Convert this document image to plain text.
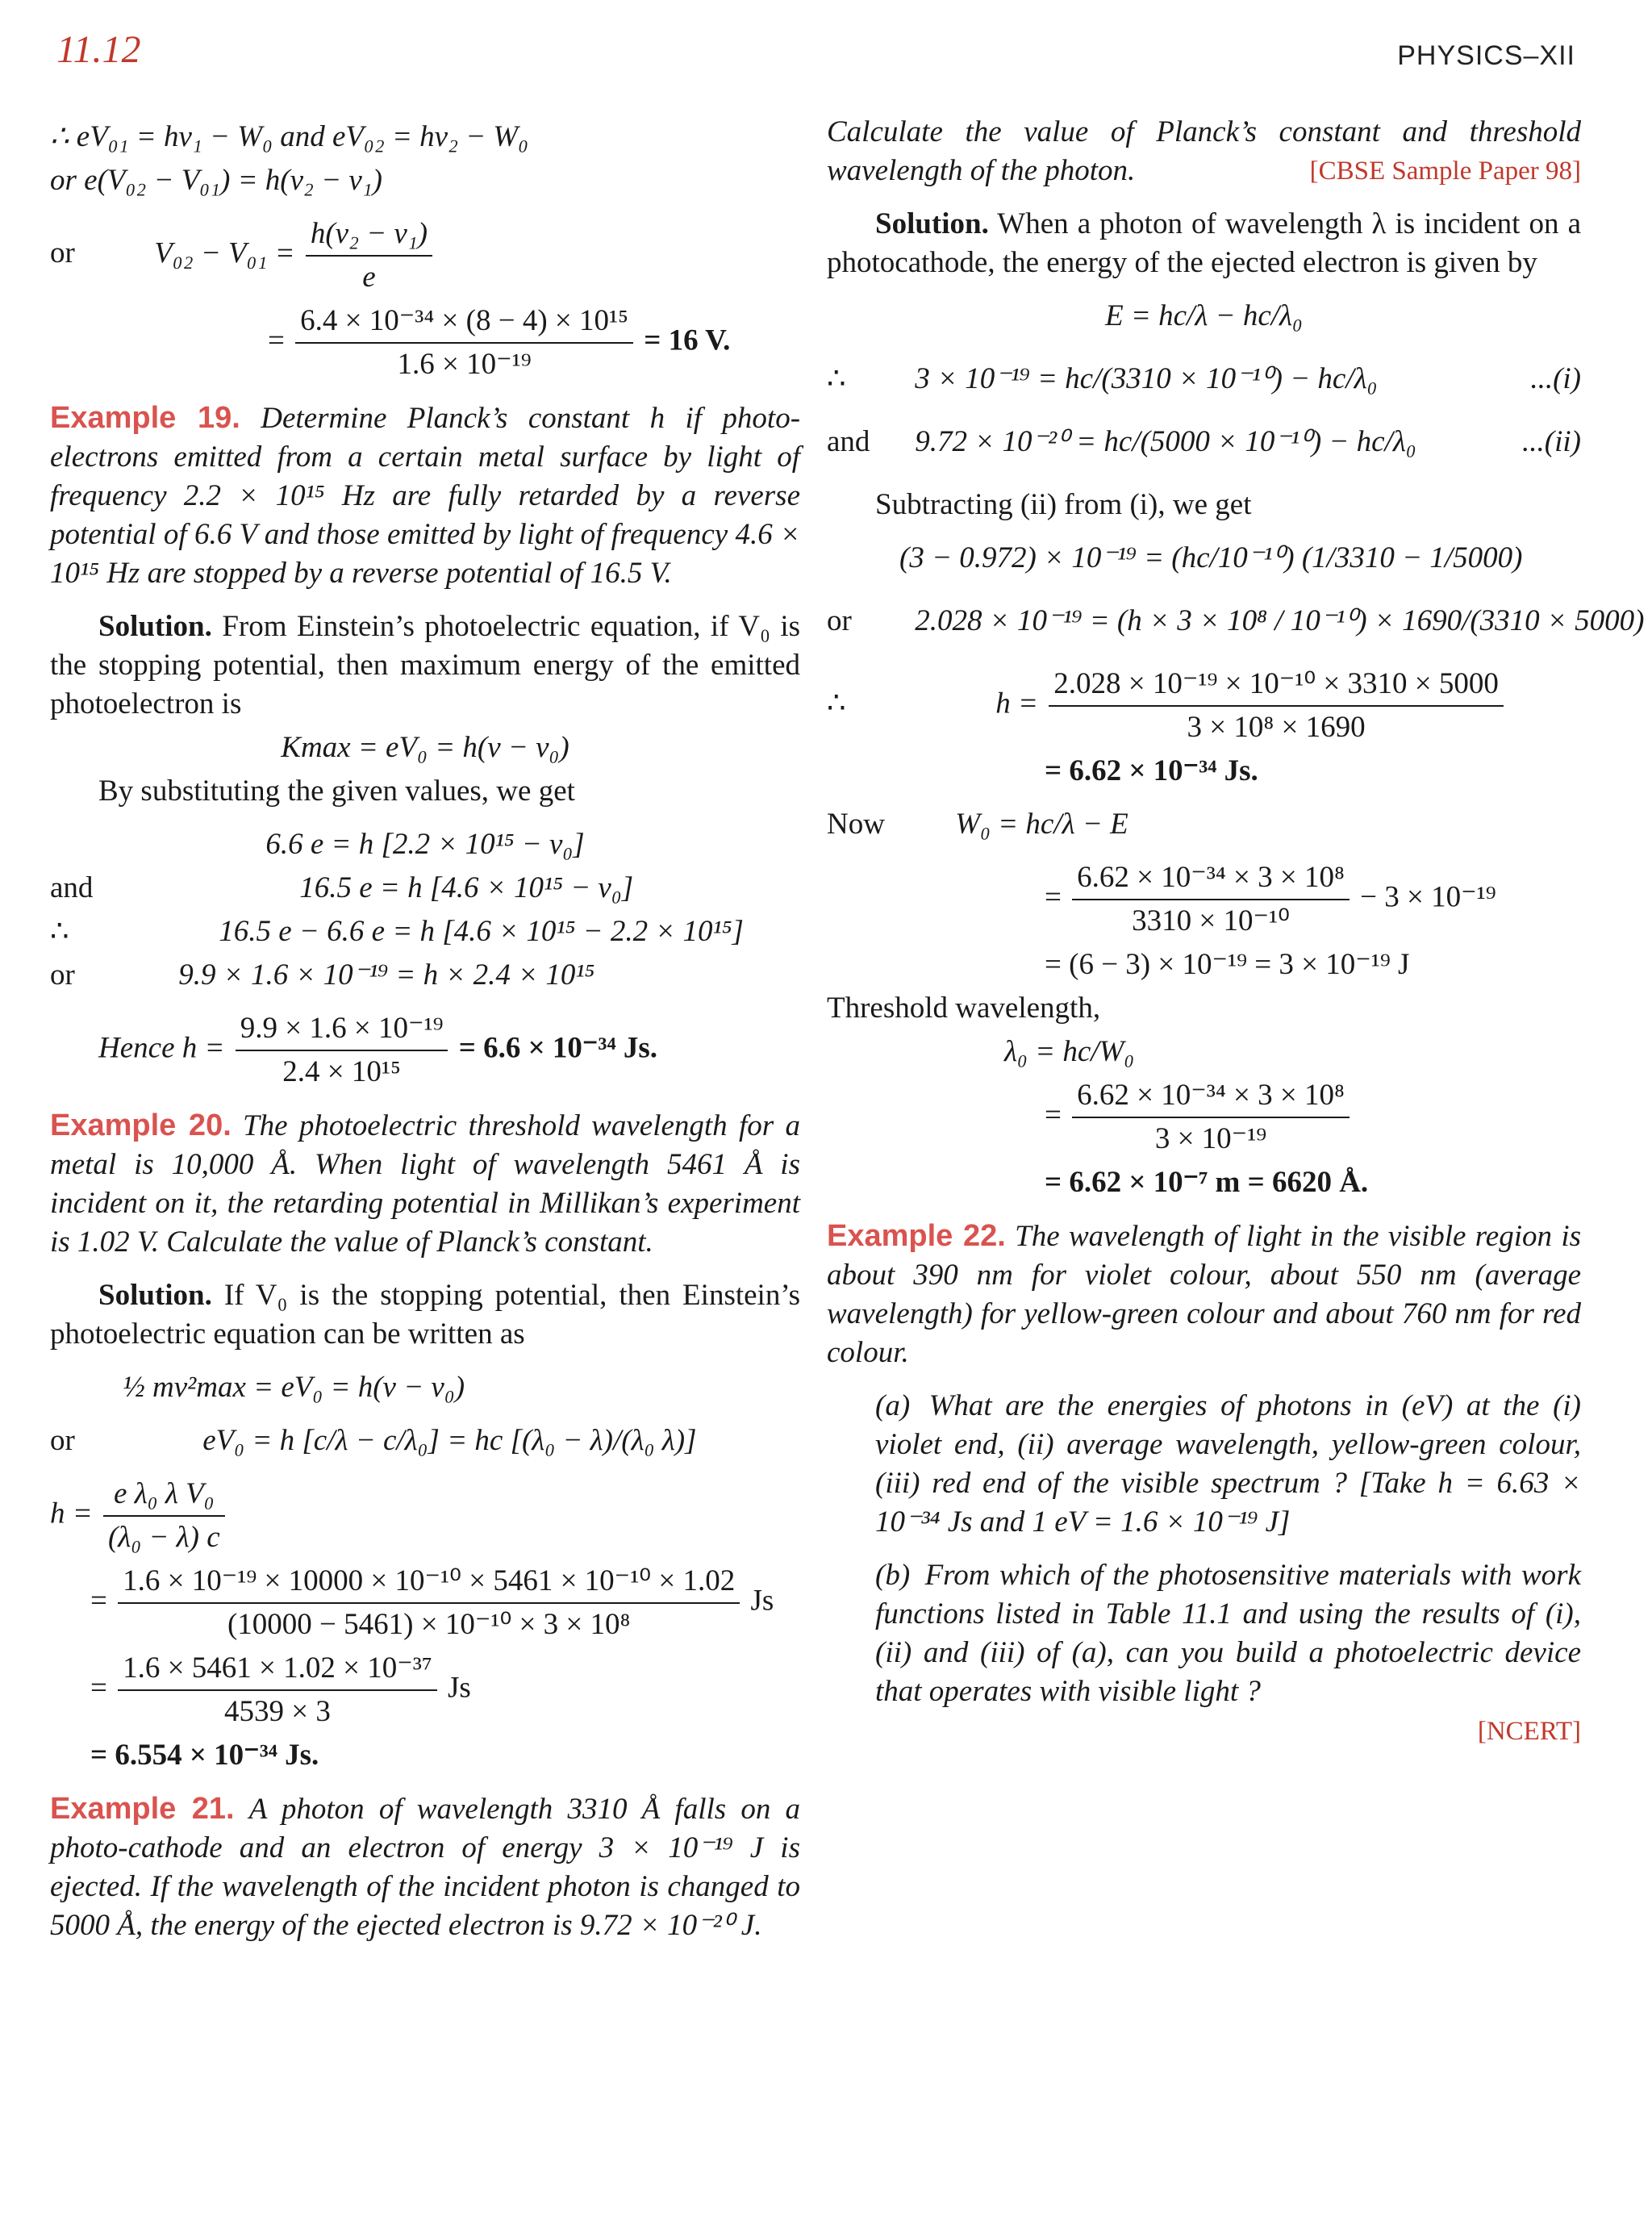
11.12	PHYSICS–XII
∴ eV₀₁ = hν₁ − W₀ and eV₀₂ = hν₂ − W₀
or e(V₀₂ − V₀₁) = h(ν₂ − ν₁)
or	$V_{02} - V_{01} = \frac{\text{h(ν₂ − ν₁)}}{e}$
= $\frac{\text{6.4 × 10⁻³⁴ × (8 − 4) × 10¹⁵}}{\text{1.6 × 10⁻¹⁹}} = 16$ V.
Example 19. Determine Planck’s constant h if photo-electrons emitted from a certain metal surface by light of frequency 2.2 × 10¹⁵ Hz are fully retarded by a reverse potential of 6.6 V and those emitted by light of frequency 4.6 × 10¹⁵ Hz are stopped by a reverse potential of 16.5 V.
Solution. From Einstein’s photoelectric equation, if V₀ is the stopping potential, then maximum energy of the emitted photoelectron is
Kmax = eV₀ = h(ν − ν₀)
By substituting the given values, we get
6.6 e = h [2.2 × 10¹⁵ − ν₀]
and	16.5 e = h [4.6 × 10¹⁵ − ν₀]
∴	16.5 e − 6.6 e = h [4.6 × 10¹⁵ − 2.2 × 10¹⁵]
or	9.9 × 1.6 × 10⁻¹⁹ = h × 2.4 × 10¹⁵
Hence $h = \frac{\text{9.9 × 1.6 × 10⁻¹⁹}}{\text{2.4 × 10¹⁵}} = 6.6 \times 10^{-34}$ Js.
Example 20. The photoelectric threshold wavelength for a metal is 10,000 Å. When light of wavelength 5461 Å is incident on it, the retarding potential in Millikan’s experiment is 1.02 V. Calculate the value of Planck’s constant.
Solution. If V₀ is the stopping potential, then Einstein’s photoelectric equation can be written as
½ mv²max = eV₀ = h(ν − ν₀)
or	eV₀ = h [c/λ − c/λ₀] = hc [(λ₀ − λ)/(λ₀ λ)]
$h = \frac{\text{e λ₀ λ V₀}}{\text{(λ₀ − λ) c}}$
= $\frac{\text{1.6 × 10⁻¹⁹ × 10000 × 10⁻¹⁰ × 5461 × 10⁻¹⁰ × 1.02}}{\text{(10000 − 5461) × 10⁻¹⁰ × 3 × 10⁸}}$ Js
= $\frac{\text{1.6 × 5461 × 1.02 × 10⁻³⁷}}{4539 \times 3}$ Js
= 6.554 × 10⁻³⁴ Js.
Example 21. A photon of wavelength 3310 Å falls on a photo-cathode and an electron of energy 3 × 10⁻¹⁹ J is ejected. If the wavelength of the incident photon is changed to 5000 Å, the energy of the ejected electron is 9.72 × 10⁻²⁰ J.
Calculate the value of Planck’s constant and threshold wavelength of the photon.	[CBSE Sample Paper 98]
Solution. When a photon of wavelength λ is incident on a photocathode, the energy of the ejected electron is given by
E = hc/λ − hc/λ₀
∴ 3 × 10⁻¹⁹ = hc/(3310 × 10⁻¹⁰) − hc/λ₀	...(i)
and 9.72 × 10⁻²⁰ = hc/(5000 × 10⁻¹⁰) − hc/λ₀	...(ii)
Subtracting (ii) from (i), we get
(3 − 0.972) × 10⁻¹⁹ = (hc/10⁻¹⁰) (1/3310 − 1/5000)
or 2.028 × 10⁻¹⁹ = (h × 3 × 10⁸ / 10⁻¹⁰) × 1690/(3310 × 5000)
∴	$h = \frac{\text{2.028 × 10⁻¹⁹ × 10⁻¹⁰ × 3310 × 5000}}{\text{3 × 10⁸ × 1690}}$
= 6.62 × 10⁻³⁴ Js.
Now W₀ = hc/λ − E
= $\frac{\text{6.62 × 10⁻³⁴ × 3 × 10⁸}}{\text{3310 × 10⁻¹⁰}} - 3 \times 10^{-19}$
= (6 − 3) × 10⁻¹⁹ = 3 × 10⁻¹⁹ J
Threshold wavelength,
λ₀ = hc/W₀
= $\frac{\text{6.62 × 10⁻³⁴ × 3 × 10⁸}}{\text{3 × 10⁻¹⁹}}$
= 6.62 × 10⁻⁷ m = 6620 Å.
Example 22. The wavelength of light in the visible region is about 390 nm for violet colour, about 550 nm (average wavelength) for yellow-green colour and about 760 nm for red colour.
(a) What are the energies of photons in (eV) at the (i) violet end, (ii) average wavelength, yellow-green colour, (iii) red end of the visible spectrum ? [Take h = 6.63 × 10⁻³⁴ Js and 1 eV = 1.6 × 10⁻¹⁹ J]
(b) From which of the photosensitive materials with work functions listed in Table 11.1 and using the results of (i), (ii) and (iii) of (a), can you build a photoelectric device that operates with visible light ?
[NCERT]
